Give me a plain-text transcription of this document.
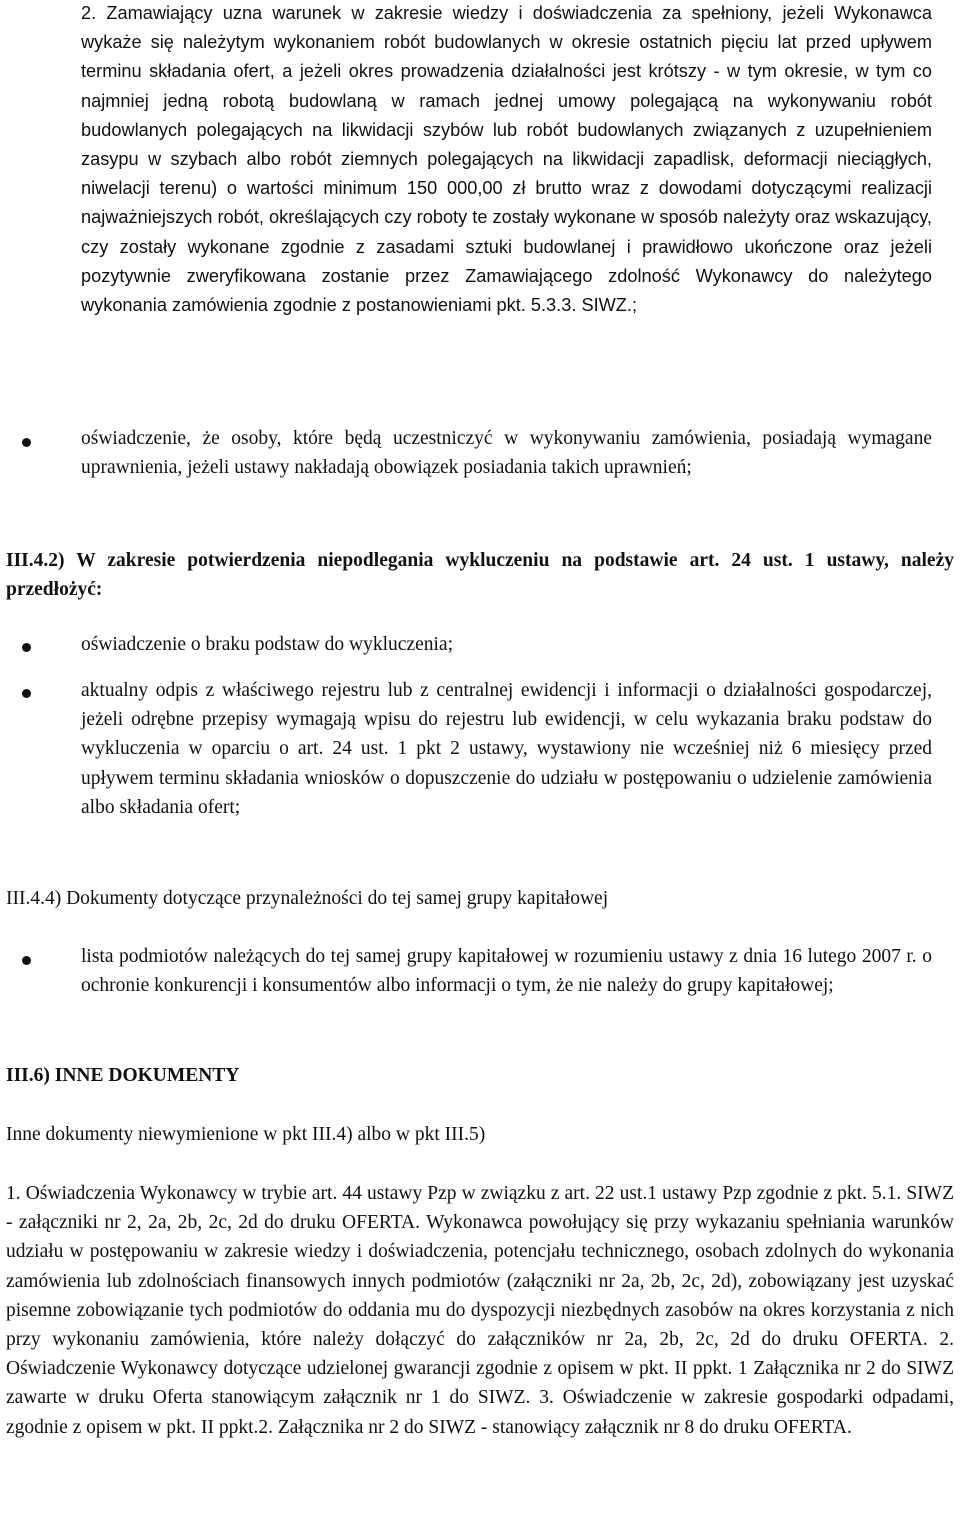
2. Zamawiający uzna warunek w zakresie wiedzy i doświadczenia za spełniony, jeżeli Wykonawca wykaże się należytym wykonaniem robót budowlanych w okresie ostatnich pięciu lat przed upływem terminu składania ofert, a jeżeli okres prowadzenia działalności jest krótszy - w tym okresie, w tym co najmniej jedną robotą budowlaną w ramach jednej umowy polegającą na wykonywaniu robót budowlanych polegających na likwidacji szybów lub robót budowlanych związanych z uzupełnieniem zasypu w szybach albo robót ziemnych polegających na likwidacji zapadlisk, deformacji nieciągłych, niwelacji terenu) o wartości minimum 150 000,00 zł brutto wraz z dowodami dotyczącymi realizacji najważniejszych robót, określających czy roboty te zostały wykonane w sposób należyty oraz wskazujący, czy zostały wykonane zgodnie z zasadami sztuki budowlanej i prawidłowo ukończone oraz jeżeli pozytywnie zweryfikowana zostanie przez Zamawiającego zdolność Wykonawcy do należytego wykonania zamówienia zgodnie z postanowieniami pkt. 5.3.3. SIWZ.;

oświadczenie, że osoby, które będą uczestniczyć w wykonywaniu zamówienia, posiadają wymagane uprawnienia, jeżeli ustawy nakładają obowiązek posiadania takich uprawnień;

III.4.2) W zakresie potwierdzenia niepodlegania wykluczeniu na podstawie art. 24 ust. 1 ustawy, należy przedłożyć:

oświadczenie o braku podstaw do wykluczenia;

aktualny odpis z właściwego rejestru lub z centralnej ewidencji i informacji o działalności gospodarczej, jeżeli odrębne przepisy wymagają wpisu do rejestru lub ewidencji, w celu wykazania braku podstaw do wykluczenia w oparciu o art. 24 ust. 1 pkt 2 ustawy, wystawiony nie wcześniej niż 6 miesięcy przed upływem terminu składania wniosków o dopuszczenie do udziału w postępowaniu o udzielenie zamówienia albo składania ofert;

III.4.4) Dokumenty dotyczące przynależności do tej samej grupy kapitałowej

lista podmiotów należących do tej samej grupy kapitałowej w rozumieniu ustawy z dnia 16 lutego 2007 r. o ochronie konkurencji i konsumentów albo informacji o tym, że nie należy do grupy kapitałowej;

III.6) INNE DOKUMENTY

Inne dokumenty niewymienione w pkt III.4) albo w pkt III.5)

1. Oświadczenia Wykonawcy w trybie art. 44 ustawy Pzp w związku z art. 22 ust.1 ustawy Pzp zgodnie z pkt. 5.1. SIWZ - załączniki nr 2, 2a, 2b, 2c, 2d do druku OFERTA. Wykonawca powołujący się przy wykazaniu spełniania warunków udziału w postępowaniu w zakresie wiedzy i doświadczenia, potencjału technicznego, osobach zdolnych do wykonania zamówienia lub zdolnościach finansowych innych podmiotów (załączniki nr 2a, 2b, 2c, 2d), zobowiązany jest uzyskać pisemne zobowiązanie tych podmiotów do oddania mu do dyspozycji niezbędnych zasobów na okres korzystania z nich przy wykonaniu zamówienia, które należy dołączyć do załączników nr 2a, 2b, 2c, 2d do druku OFERTA. 2. Oświadczenie Wykonawcy dotyczące udzielonej gwarancji zgodnie z opisem w pkt. II ppkt. 1 Załącznika nr 2 do SIWZ zawarte w druku Oferta stanowiącym załącznik nr 1 do SIWZ. 3. Oświadczenie w zakresie gospodarki odpadami, zgodnie z opisem w pkt. II ppkt.2. Załącznika nr 2 do SIWZ - stanowiący załącznik nr 8 do druku OFERTA.
